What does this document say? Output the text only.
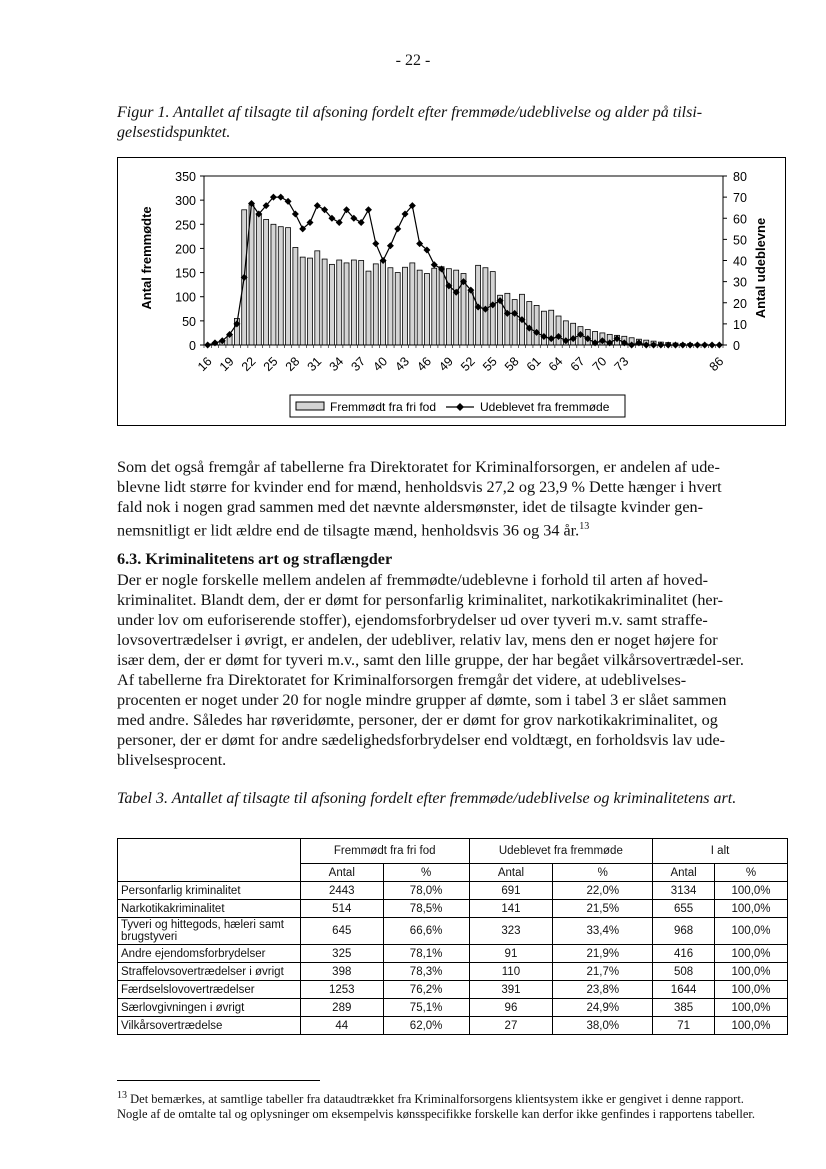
- 22 -
Figur 1. Antallet af tilsagte til afsoning fordelt efter fremmøde/udeblivelse og alder på tilsi-gelsestidspunktet.
0
50
100
150
200
250
300
350
0
10
20
30
40
50
60
70
80
16 19 22 25 28 31 34 37 40 43 46 49 52 55 58 61 64 67 70 73	86
Antal fremmødte	Antal udeblevne
Fremmødt fra fri fod	Udeblevet fra fremmøde

Som det også fremgår af tabellerne fra Direktoratet for Kriminalforsorgen, er andelen af ude-blevne lidt større for kvinder end for mænd, henholdsvis 27,2 og 23,9 % Dette hænger i hvert fald nok i nogen grad sammen med det nævnte aldersmønster, idet de tilsagte kvinder gen-nemsnitligt er lidt ældre end de tilsagte mænd, henholdsvis 36 og 34 år.$^{13}$

6.3. Kriminalitetens art og straflængder

Der er nogle forskelle mellem andelen af fremmødte/udeblevne i forhold til arten af hoved-kriminalitet. Blandt dem, der er dømt for personfarlig kriminalitet, narkotikakriminalitet (her-under lov om euforiserende stoffer), ejendomsforbrydelser ud over tyveri m.v. samt straffe-lovsovertrædelser i øvrigt, er andelen, der udebliver, relativ lav, mens den er noget højere for især dem, der er dømt for tyveri m.v., samt den lille gruppe, der har begået vilkårsovertrædel-ser. Af tabellerne fra Direktoratet for Kriminalforsorgen fremgår det videre, at udeblivelses-procenten er noget under 20 for nogle mindre grupper af dømte, som i tabel 3 er slået sammen med andre. Således har røveridømte, personer, der er dømt for grov narkotikakriminalitet, og personer, der er dømt for andre sædelighedsforbrydelser end voldtægt, en forholdsvis lav ude-blivelsesprocent.

Tabel 3. Antallet af tilsagte til afsoning fordelt efter fremmøde/udeblivelse og kriminalitetens art.
	Fremmødt fra fri fod		Udeblevet fra fremmøde		I alt	
	Antal	%	Antal	%	Antal	%
Personfarlig kriminalitet	2443	78,0%	691	22,0%	3134	100,0%
Narkotikakriminalitet	514	78,5%	141	21,5%	655	100,0%
Tyveri og hittegods, hæleri samt brugstyveri	645	66,6%	323	33,4%	968	100,0%
Andre ejendomsforbrydelser	325	78,1%	91	21,9%	416	100,0%
Straffelovsovertrædelser i øvrigt	398	78,3%	110	21,7%	508	100,0%
Færdselslovovertrædelser	1253	76,2%	391	23,8%	1644	100,0%
Særlovgivningen i øvrigt	289	75,1%	96	24,9%	385	100,0%
Vilkårsovertrædelse	44	62,0%	27	38,0%	71	100,0%
$^{13}$ Det bemærkes, at samtlige tabeller fra dataudtrækket fra Kriminalforsorgens klientsystem ikke er gengivet i denne rapport. Nogle af de omtalte tal og oplysninger om eksempelvis kønsspecifikke forskelle kan derfor ikke genfindes i rapportens tabeller.
